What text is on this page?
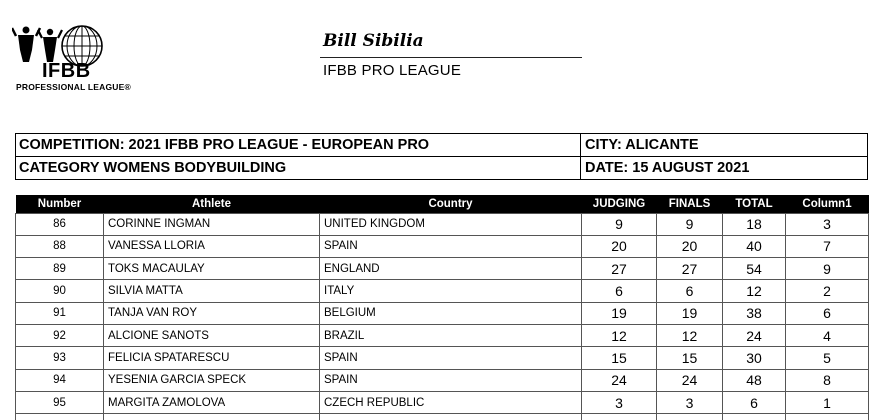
IFBB
PROFESSIONAL LEAGUE®
Bill Sibilia
IFBB PRO LEAGUE
COMPETITION: 2021 IFBB PRO LEAGUE - EUROPEAN PRO	CITY: ALICANTE
CATEGORY WOMENS BODYBUILDING	DATE: 15 AUGUST 2021
Number	Athlete	Country	JUDGING	FINALS	TOTAL	Column1
86	CORINNE INGMAN	UNITED KINGDOM	9	9	18	3
88	VANESSA LLORIA	SPAIN	20	20	40	7
89	TOKS MACAULAY	ENGLAND	27	27	54	9
90	SILVIA MATTA	ITALY	6	6	12	2
91	TANJA VAN ROY	BELGIUM	19	19	38	6
92	ALCIONE SANOTS	BRAZIL	12	12	24	4
93	FELICIA SPATARESCU	SPAIN	15	15	30	5
94	YESENIA GARCIA SPECK	SPAIN	24	24	48	8
95	MARGITA ZAMOLOVA	CZECH REPUBLIC	3	3	6	1
